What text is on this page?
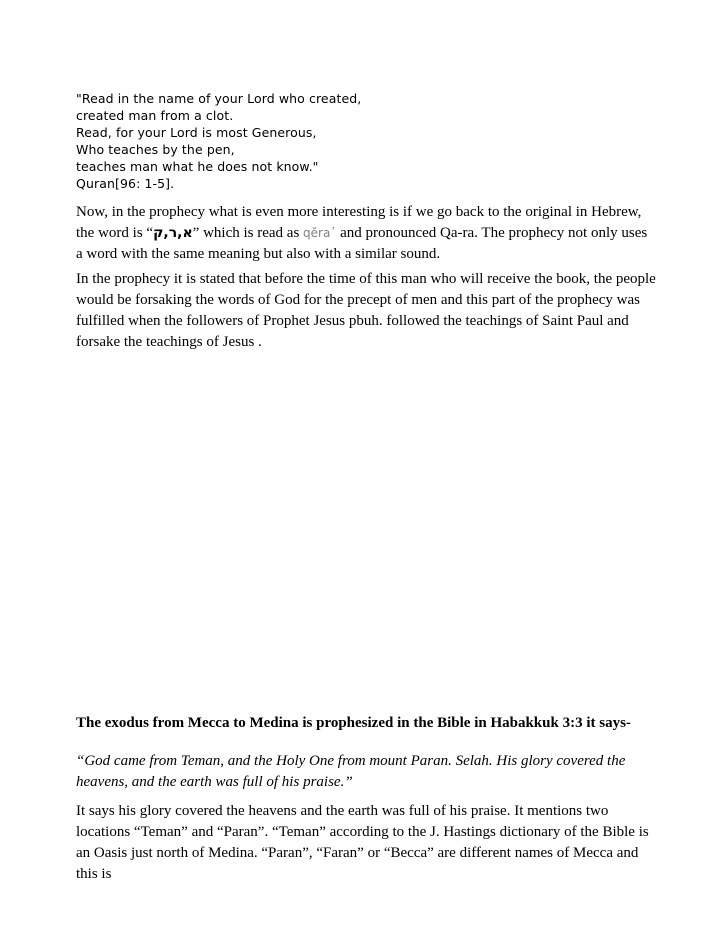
"Read in the name of your Lord who created,
created man from a clot.
Read, for your Lord is most Generous,
Who teaches by the pen,
teaches man what he does not know."
Quran[96: 1-5].

Now, in the prophecy what is even more interesting is if we go back to the original in Hebrew, the word is “א,ר,ק” which is read as qĕra᾽ and pronounced Qa-ra. The prophecy not only uses a word with the same meaning but also with a similar sound.

In the prophecy it is stated that before the time of this man who will receive the book, the people would be forsaking the words of God for the precept of men and this part of the prophecy was fulfilled when the followers of Prophet Jesus pbuh. followed the teachings of Saint Paul and forsake the teachings of Jesus .

The exodus from Mecca to Medina is prophesized in the Bible in Habakkuk 3:3 it says-

“God came from Teman, and the Holy One from mount Paran. Selah. His glory covered the heavens, and the earth was full of his praise.”

It says his glory covered the heavens and the earth was full of his praise. It mentions two locations “Teman” and “Paran”. “Teman” according to the J. Hastings dictionary of the Bible is an Oasis just north of Medina. “Paran”, “Faran” or “Becca” are different names of Mecca and this is
